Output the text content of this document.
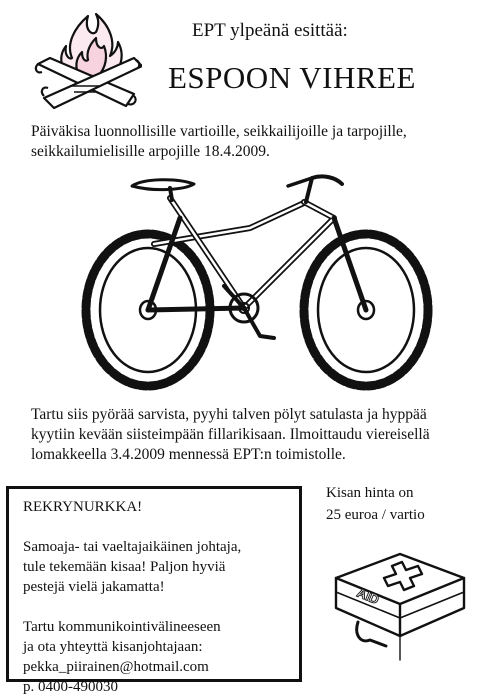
EPT ylpeänä esittää:
ESPOON VIHREE
Päiväkisa luonnollisille vartioille, seikkailijoille ja tarpojille,
seikkailumielisille arpojille 18.4.2009.
Tartu siis pyörää sarvista, pyyhi talven pölyt satulasta ja hyppää
kyytiin kevään siisteimpään fillarikisaan. Ilmoittaudu viereisellä
lomakkeella 3.4.2009 mennessä EPT:n toimistolle.

REKRYNURKKA!

Samoaja- tai vaeltajaikäinen johtaja,
tule tekemään kisaa! Paljon hyviä
pestejä vielä jakamatta!

Tartu kommunikointivälineeseen
ja ota yhteyttä kisanjohtajaan:
pekka_piirainen@hotmail.com
p. 0400-490030

Kisan hinta on
25 euroa / vartio
AID
